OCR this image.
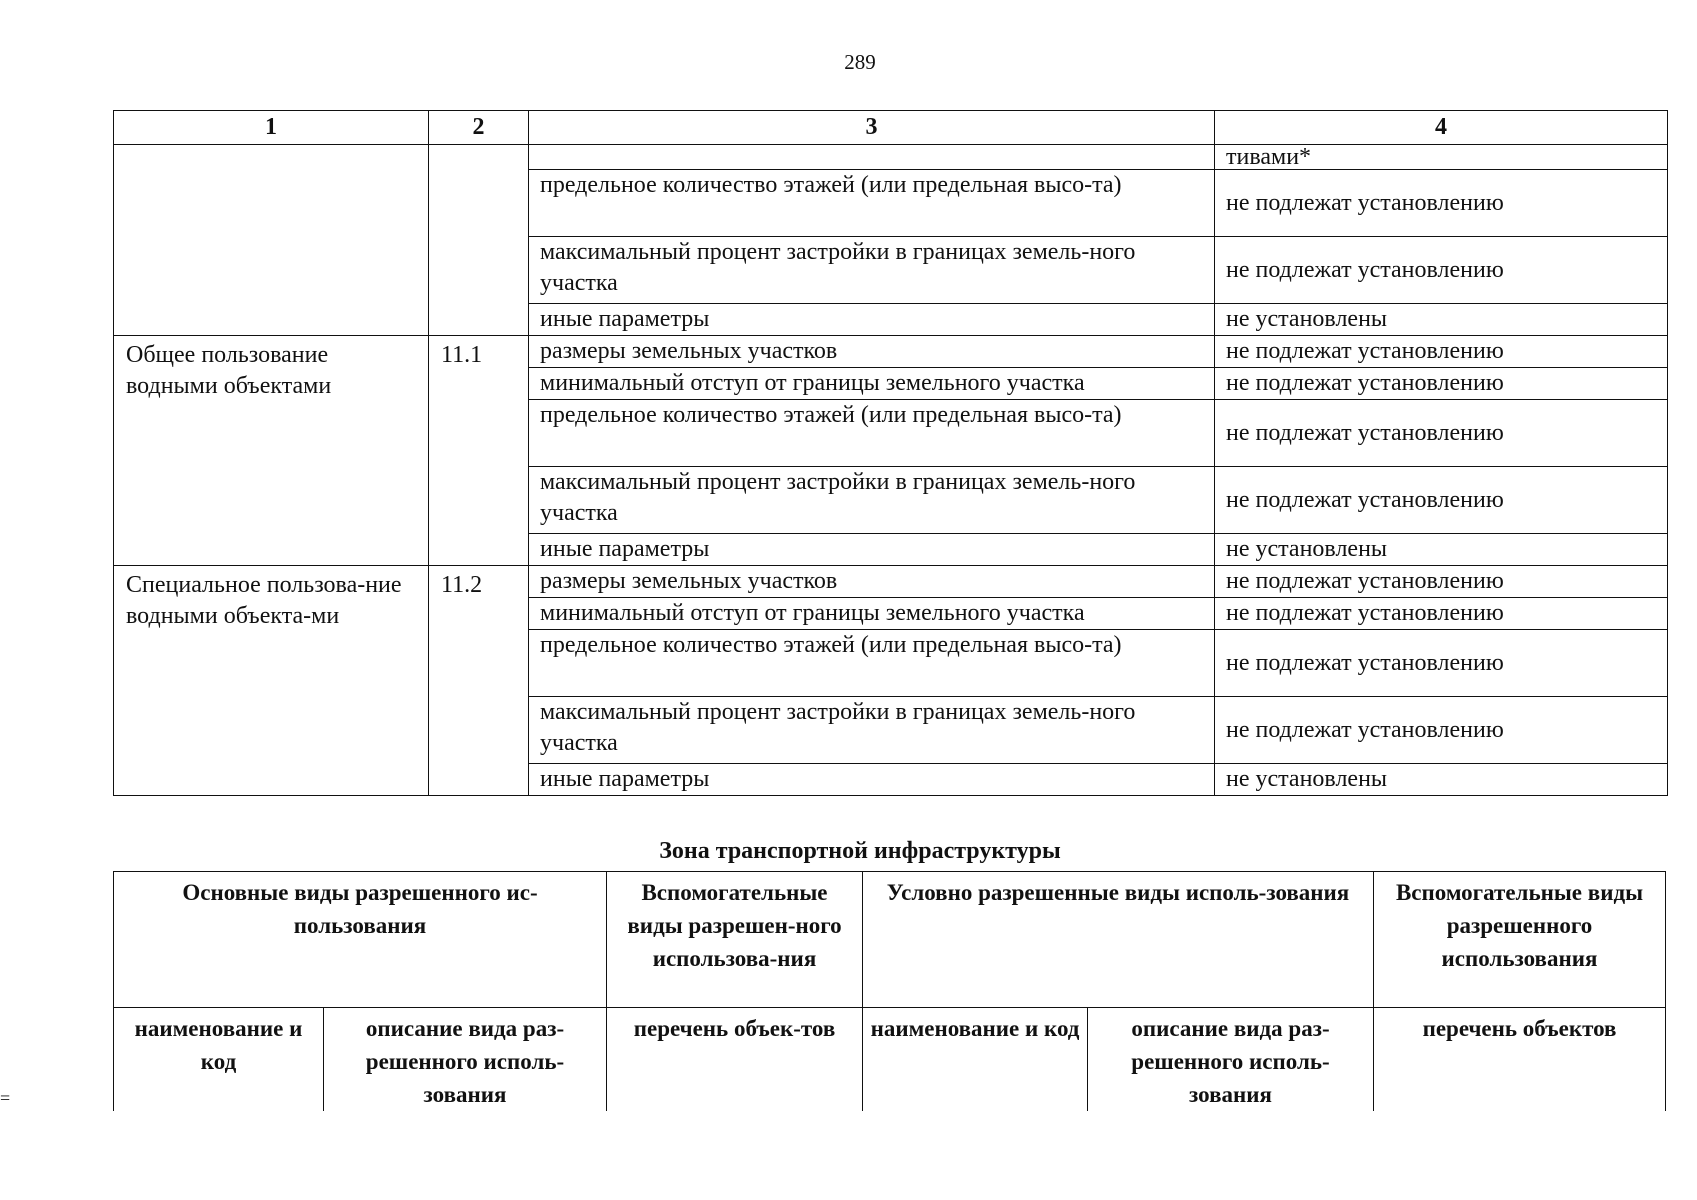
289
1	2	3	4
			тивами*
		предельное количество этажей (или предельная высо-та)	не подлежат установлению
		максимальный процент застройки в границах земель-ного участка	не подлежат установлению
		иные параметры	не установлены
Общее пользование водными объектами	11.1	размеры земельных участков	не подлежат установлению
		минимальный отступ от границы земельного участка	не подлежат установлению
		предельное количество этажей (или предельная высо-та)	не подлежат установлению
		максимальный процент застройки в границах земель-ного участка	не подлежат установлению
		иные параметры	не установлены
Специальное пользова-ние водными объекта-ми	11.2	размеры земельных участков	не подлежат установлению
		минимальный отступ от границы земельного участка	не подлежат установлению
		предельное количество этажей (или предельная высо-та)	не подлежат установлению
		максимальный процент застройки в границах земель-ного участка	не подлежат установлению
		иные параметры	не установлены
Зона транспортной инфраструктуры
Основные виды разрешенного ис-пользования		Вспомогательные виды разрешен-ного использова-ния	Условно разрешенные виды исполь-зования		Вспомогательные виды разрешенного использования
наименование и код	описание вида раз-решенного исполь-зования	перечень объек-тов	наименование и код	описание вида раз-решенного исполь-зования	перечень объектов
=
